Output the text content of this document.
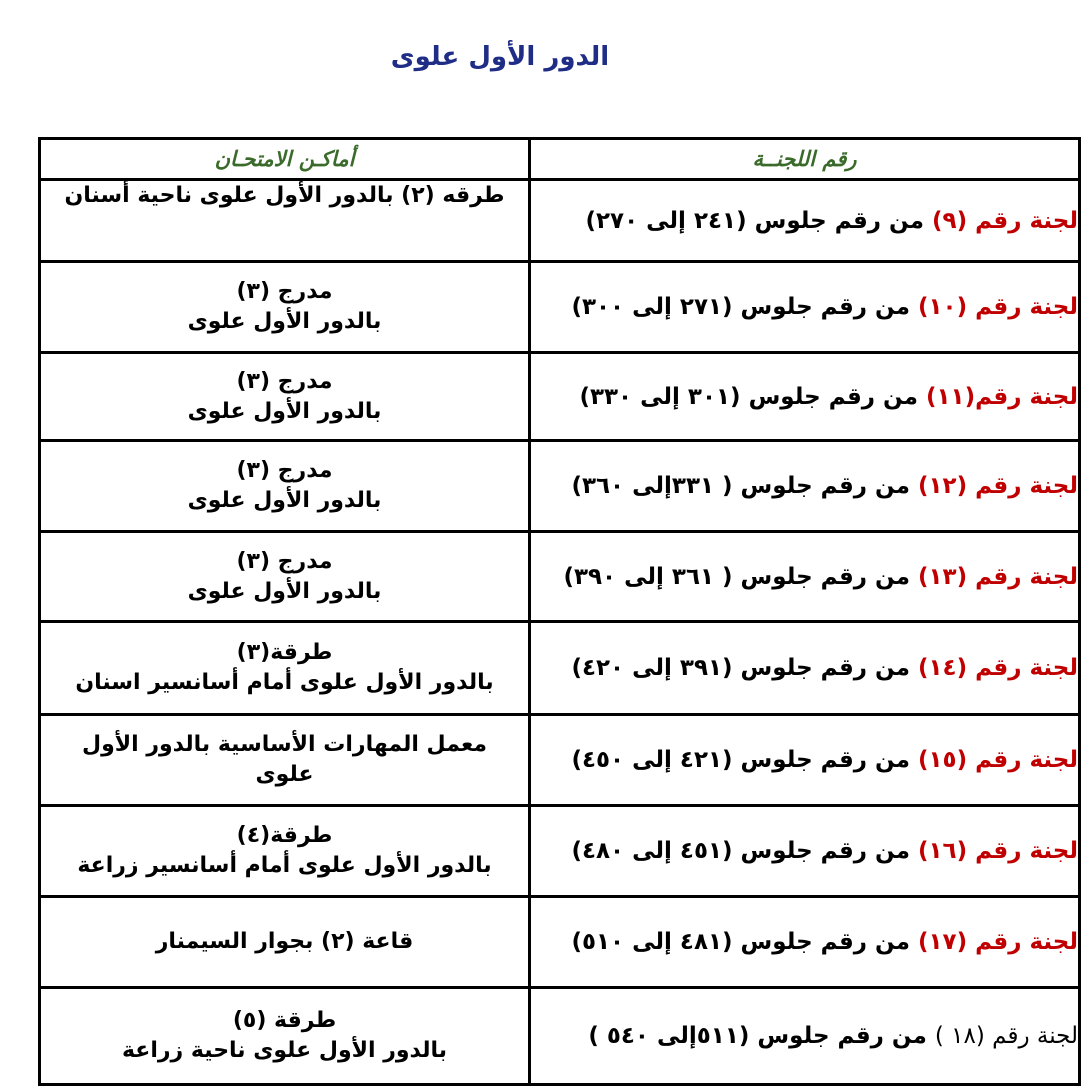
الدور الأول علوى
رقم اللجنــة	أماكـن الامتحـان
لجنة رقم (٩) من رقم جلوس (٢٤١ إلى ٢٧٠)	طرقه (٢) بالدور الأول علوى ناحية أسنان

لجنة رقم (١٠) من رقم جلوس (٢٧١ إلى ٣٠٠)	مدرج (٣)
بالدور الأول علوى

لجنة رقم(١١) من رقم جلوس (٣٠١ إلى ٣٣٠)	مدرج (٣)
بالدور الأول علوى

لجنة رقم (١٢) من رقم جلوس ( ٣٣١إلى ٣٦٠)	مدرج (٣)
بالدور الأول علوى

لجنة رقم (١٣) من رقم جلوس ( ٣٦١ إلى ٣٩٠)	مدرج (٣)
بالدور الأول علوى

لجنة رقم (١٤) من رقم جلوس (٣٩١ إلى ٤٢٠)	طرقة(٣)
بالدور الأول علوى أمام أسانسير اسنان

لجنة رقم (١٥) من رقم جلوس (٤٢١ إلى ٤٥٠)	معمل المهارات الأساسية بالدور الأول
علوى

لجنة رقم (١٦) من رقم جلوس (٤٥١ إلى ٤٨٠)	طرقة(٤)
بالدور الأول علوى أمام أسانسير زراعة

لجنة رقم (١٧) من رقم جلوس (٤٨١ إلى ٥١٠)	قاعة (٢) بجوار السيمنار

لجنة رقم (١٨ ) من رقم جلوس (٥١١إلى ٥٤٠ )	طرقة (٥)
بالدور الأول علوى ناحية زراعة
